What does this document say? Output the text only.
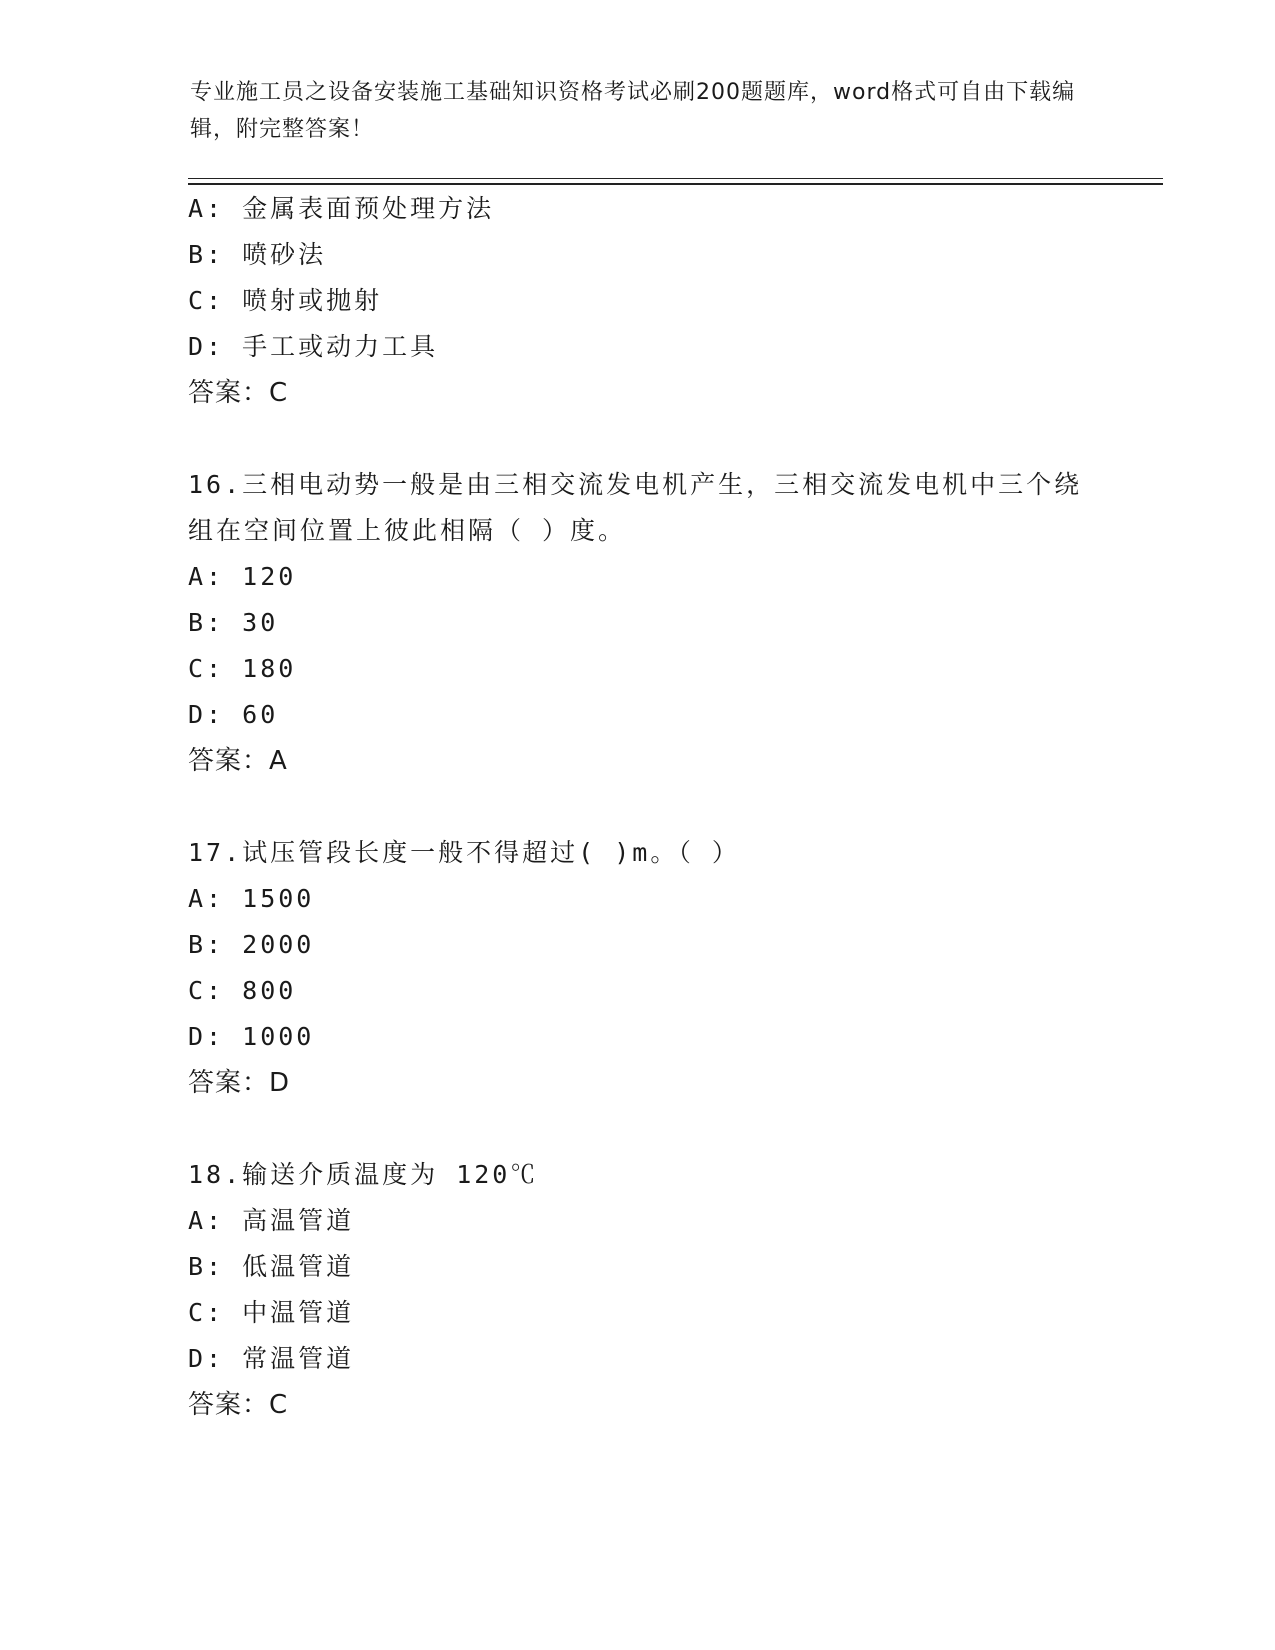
专业施工员之设备安装施工基础知识资格考试必刷200题题库，word格式可自由下载编辑，附完整答案！
A: 金属表面预处理方法
B: 喷砂法
C: 喷射或抛射
D: 手工或动力工具
答案：C
16.三相电动势一般是由三相交流发电机产生，三相交流发电机中三个绕组在空间位置上彼此相隔（ ）度。
A: 120
B: 30
C: 180
D: 60
答案：A
17.试压管段长度一般不得超过( )m。（ ）
A: 1500
B: 2000
C: 800
D: 1000
答案：D
18.输送介质温度为 120℃
A: 高温管道
B: 低温管道
C: 中温管道
D: 常温管道
答案：C
